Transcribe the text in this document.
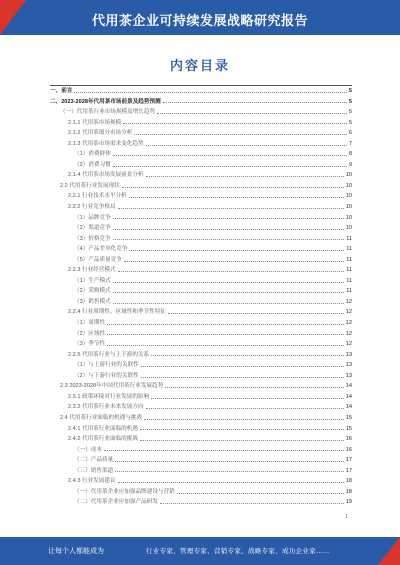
代用茶企业可持续发展战略研究报告
内容目录
一、前言	5
二、2023-2028年代用茶市场前景及趋势预测	5
（一）代用茶行业市场规模及增长趋势	5
2.1.1 代用茶市场规模	5
2.1.2 代用茶细分市场分析	6
2.1.3 代用茶市场需求变化趋势	7
（1）消费群体	8
（2）消费习惯	9
2.1.4 代用茶市场发展前景分析	10
2.2 代用茶行业发展现状	10
2.2.1 行业技术水平分析	10
2.2.2 行业竞争格局	10
（1）品牌竞争	10
（2）渠道竞争	10
（3）价格竞争	11
（4）产品差异化竞争	11
（5）产品质量竞争	11
2.2.3 行业经营模式	11
（1）生产模式	11
（2）采购模式	11
（3）销售模式	12
2.2.4 行业周期性、区域性和季节性特征	12
（1）周期性	12
（2）区域性	12
（3）季节性	12
2.2.5 代用茶行业与上下游的关系	13
（1）与上游行业的关联性	13
（2）与下游行业的关联性	13
2.3 2023-2028年中国代用茶行业发展趋势	14
2.3.1 政策环境对行业发展的影响	14
2.3.2 代用茶行业未来发展方向	14
2.4 代用茶行业面临的机遇与挑战	15
2.4.1 代用茶行业面临的机遇	15
2.4.2 代用茶行业面临的挑战	16
（一）成本	16
（二）产品质量	17
（三）销售渠道	17
2.4.3 行业发展建议	18
（一）代用茶企业应加强品牌建设与营销	18
（二）代用茶企业应加强产品研发	19
1
让每个人都能成为	行业专家、管理专家、营销专家、战略专家、成功企业家……
